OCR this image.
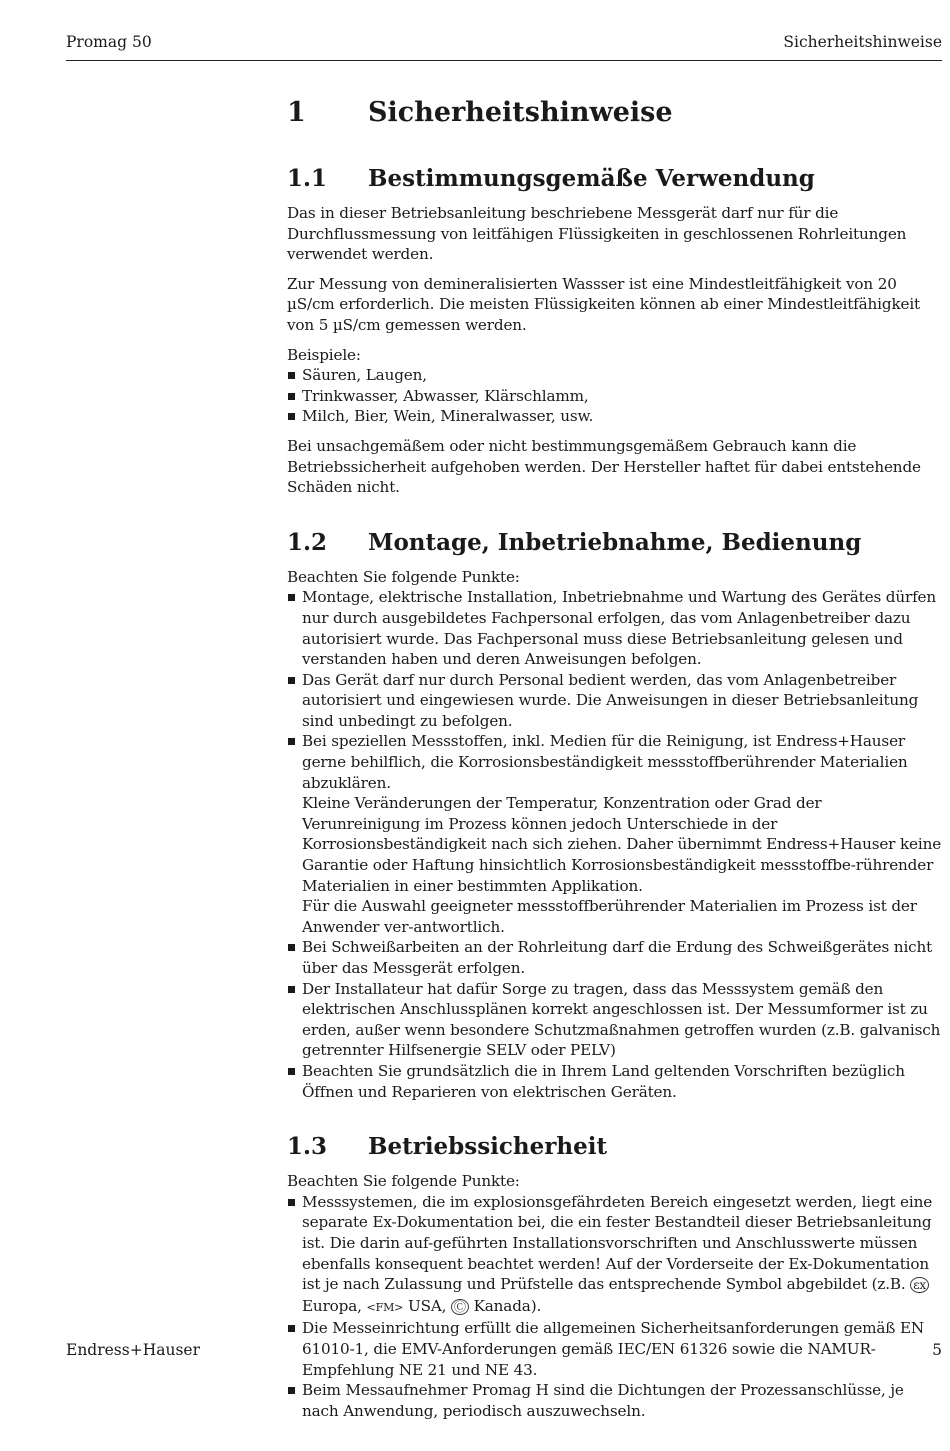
Promag 50	Sicherheitshinweise
1 Sicherheitshinweise
1.1 Bestimmungsgemäße Verwendung

Das in dieser Betriebsanleitung beschriebene Messgerät darf nur für die Durchflussmessung von leitfähigen Flüssigkeiten in geschlossenen Rohrleitungen verwendet werden.

Zur Messung von demineralisierten Wassser ist eine Mindestleitfähigkeit von 20 µS/cm erforderlich. Die meisten Flüssigkeiten können ab einer Mindestleitfähigkeit von 5 µS/cm gemessen werden.

Beispiele:

Säuren, Laugen,
Trinkwasser, Abwasser, Klärschlamm,
Milch, Bier, Wein, Mineralwasser, usw.

Bei unsachgemäßem oder nicht bestimmungsgemäßem Gebrauch kann die Betriebssicherheit aufgehoben werden. Der Hersteller haftet für dabei entstehende Schäden nicht.

1.2 Montage, Inbetriebnahme, Bedienung

Beachten Sie folgende Punkte:

Montage, elektrische Installation, Inbetriebnahme und Wartung des Gerätes dürfen nur durch ausgebildetes Fachpersonal erfolgen, das vom Anlagenbetreiber dazu autorisiert wurde. Das Fachpersonal muss diese Betriebsanleitung gelesen und verstanden haben und deren Anweisungen befolgen.
Das Gerät darf nur durch Personal bedient werden, das vom Anlagenbetreiber autorisiert und eingewiesen wurde. Die Anweisungen in dieser Betriebsanleitung sind unbedingt zu befolgen.
Bei speziellen Messstoffen, inkl. Medien für die Reinigung, ist Endress+Hauser gerne behilflich, die Korrosionsbeständigkeit messstoffberührender Materialien abzuklären.
Kleine Veränderungen der Temperatur, Konzentration oder Grad der Verunreinigung im Prozess können jedoch Unterschiede in der Korrosionsbeständigkeit nach sich ziehen. Daher übernimmt Endress+Hauser keine Garantie oder Haftung hinsichtlich Korrosionsbeständigkeit messstoffbe-rührender Materialien in einer bestimmten Applikation.
Für die Auswahl geeigneter messstoffberührender Materialien im Prozess ist der Anwender ver-antwortlich.
Bei Schweißarbeiten an der Rohrleitung darf die Erdung des Schweißgerätes nicht über das Messgerät erfolgen.
Der Installateur hat dafür Sorge zu tragen, dass das Messsystem gemäß den elektrischen Anschlussplänen korrekt angeschlossen ist. Der Messumformer ist zu erden, außer wenn besondere Schutzmaßnahmen getroffen wurden (z.B. galvanisch getrennter Hilfsenergie SELV oder PELV)
Beachten Sie grundsätzlich die in Ihrem Land geltenden Vorschriften bezüglich Öffnen und Reparieren von elektrischen Geräten.
1.3 Betriebssicherheit

Beachten Sie folgende Punkte:

Messsystemen, die im explosionsgefährdeten Bereich eingesetzt werden, liegt eine separate Ex-Dokumentation bei, die ein fester Bestandteil dieser Betriebsanleitung ist. Die darin auf-geführten Installationsvorschriften und Anschlusswerte müssen ebenfalls konsequent beachtet werden! Auf der Vorderseite der Ex-Dokumentation ist je nach Zulassung und Prüfstelle das entsprechende Symbol abgebildet (z.B. εx Europa, <FM> USA, Ⓒ Kanada).
Die Messeinrichtung erfüllt die allgemeinen Sicherheitsanforderungen gemäß EN 61010-1, die EMV-Anforderungen gemäß IEC/EN 61326 sowie die NAMUR-Empfehlung NE 21 und NE 43.
Beim Messaufnehmer Promag H sind die Dichtungen der Prozessanschlüsse, je nach Anwendung, periodisch auszuwechseln.
Endress+Hauser	5
